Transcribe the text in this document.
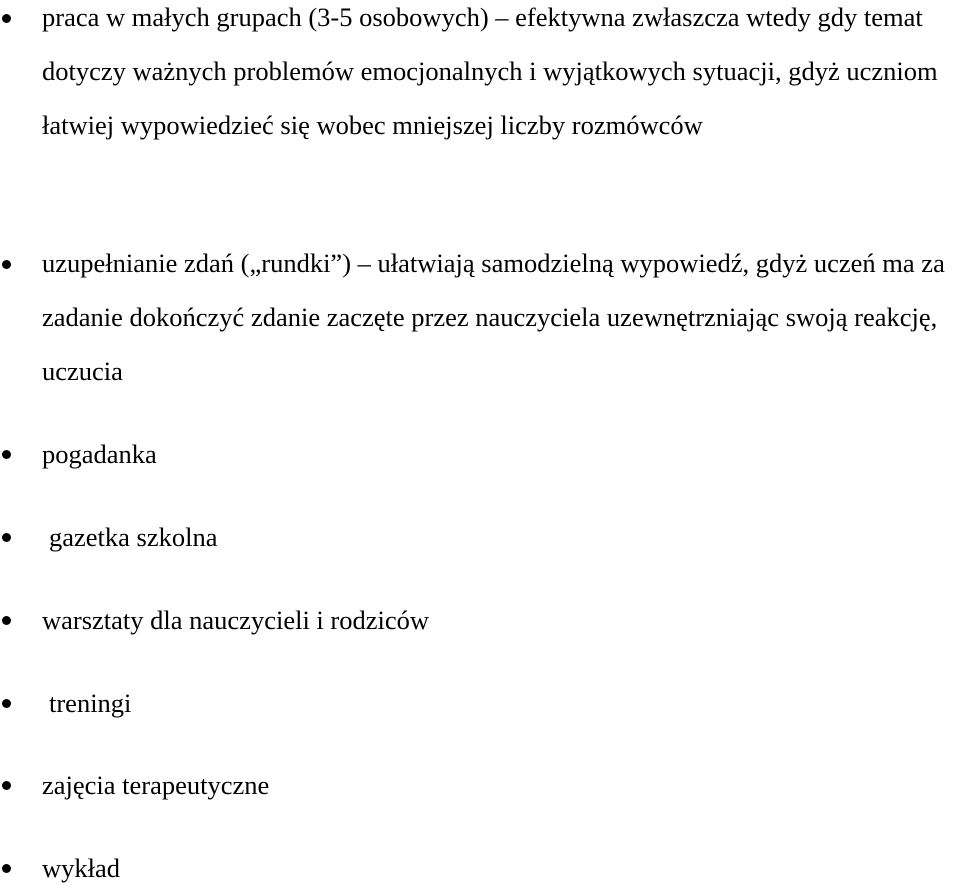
praca w małych grupach (3-5 osobowych) – efektywna zwłaszcza wtedy gdy temat dotyczy ważnych problemów emocjonalnych i wyjątkowych sytuacji, gdyż uczniom łatwiej wypowiedzieć się wobec mniejszej liczby rozmówców
uzupełnianie zdań („rundki”) – ułatwiają samodzielną wypowiedź, gdyż uczeń ma za zadanie dokończyć zdanie zaczęte przez nauczyciela uzewnętrzniając swoją reakcję, uczucia
pogadanka
gazetka szkolna
warsztaty dla nauczycieli i rodziców
treningi
zajęcia terapeutyczne
wykład
